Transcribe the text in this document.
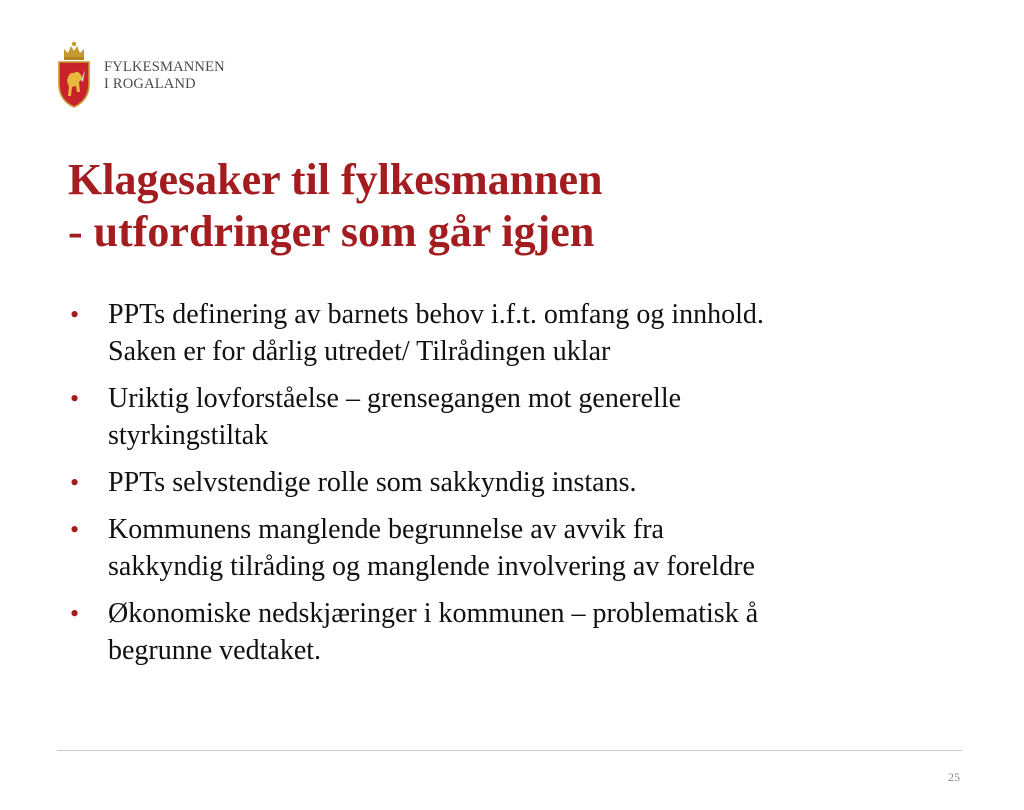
FYLKESMANNEN
I ROGALAND
Klagesaker til fylkesmannen
- utfordringer som går igjen
• PPTs definering av barnets behov i.f.t. omfang og innhold.
Saken er for dårlig utredet/ Tilrådingen uklar
• Uriktig lovforståelse – grensegangen mot generelle
styrkingstiltak
• PPTs selvstendige rolle som sakkyndig instans.
• Kommunens manglende begrunnelse av avvik fra
sakkyndig tilråding og manglende involvering av foreldre
• Økonomiske nedskjæringer i kommunen – problematisk å
begrunne vedtaket.
25
